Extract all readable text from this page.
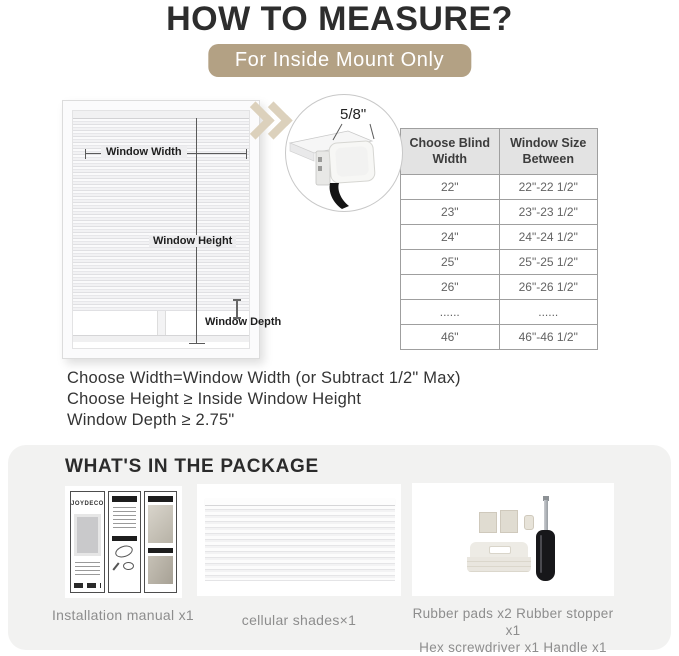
HOW TO MEASURE?
For Inside Mount Only
Window Width
Window Height
Window Depth
5/8"
Choose Blind Width	Window Size Between
22"	22"-22 1/2"
23"	23"-23 1/2"
24"	24"-24 1/2"
25"	25"-25 1/2"
26"	26"-26 1/2"
......	......
46"	46"-46 1/2"
Choose Width=Window Width (or Subtract 1/2" Max)
Choose Height ≥ Inside Window Height
Window Depth ≥ 2.75"
WHAT'S IN THE PACKAGE
JOYDECO
Installation manual x1	cellular shades×1	Rubber pads x2 Rubber stopper x1
Hex screwdriver x1 Handle x1
